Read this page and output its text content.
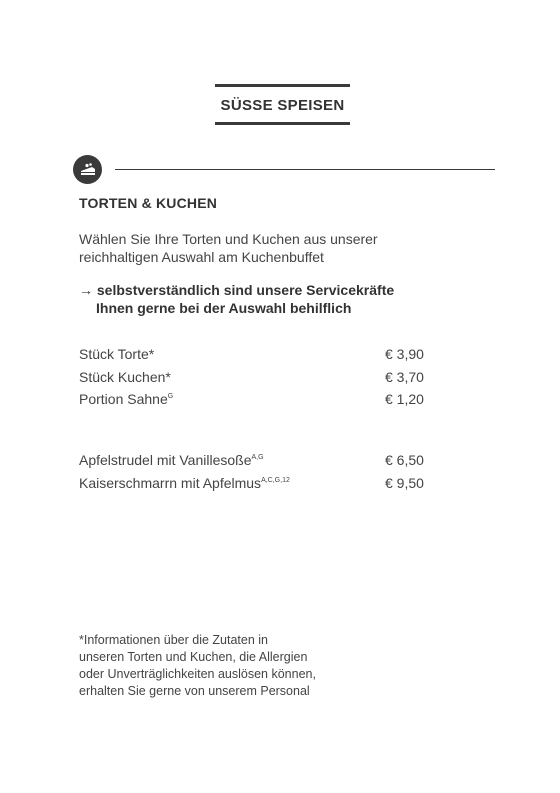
SÜSSE SPEISEN
TORTEN & KUCHEN
Wählen Sie Ihre Torten und Kuchen aus unserer
reichhaltigen Auswahl am Kuchenbuffet
→ selbstverständlich sind unsere Servicekräfte
Ihnen gerne bei der Auswahl behilflich
Stück Torte*	€ 3,90
Stück Kuchen*	€ 3,70
Portion Sahne$^G$	€ 1,20
Apfelstrudel mit Vanillesoße$^{A,G}$	€ 6,50
Kaiserschmarrn mit Apfelmus$^{A,C,G,12}$	€ 9,50
*Informationen über die Zutaten in
unseren Torten und Kuchen, die Allergien
oder Unverträglichkeiten auslösen können,
erhalten Sie gerne von unserem Personal
